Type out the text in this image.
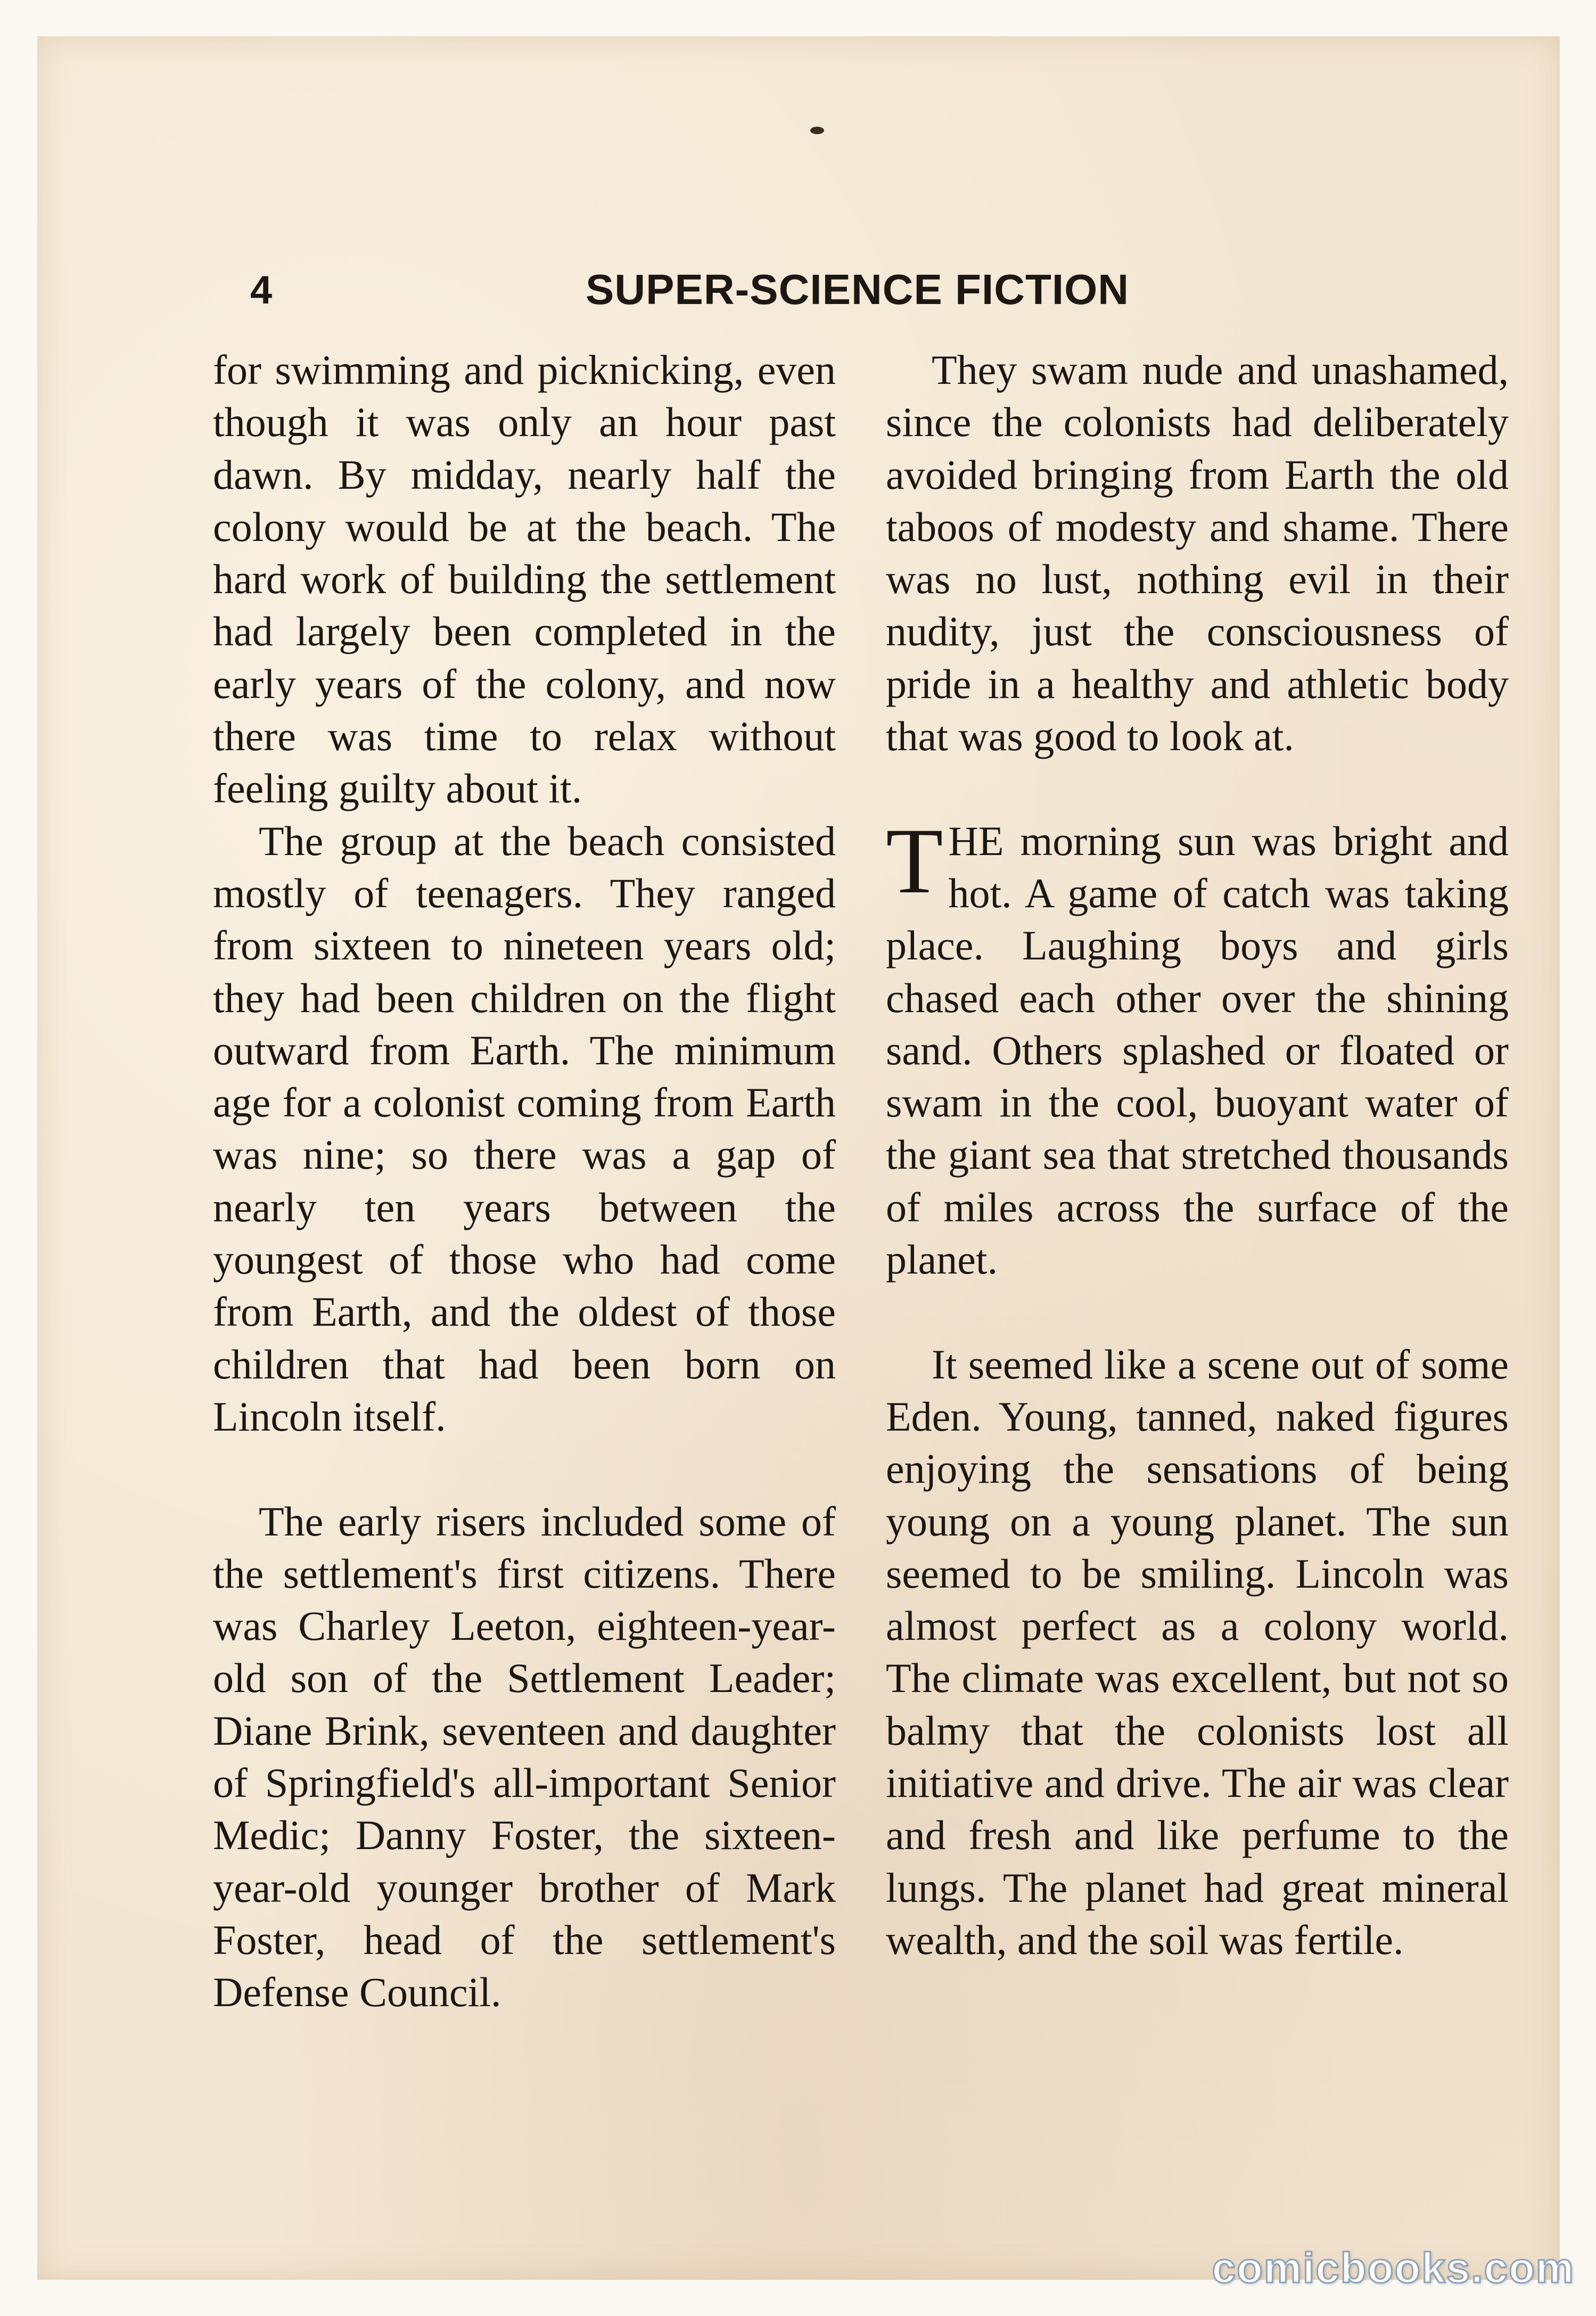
4	SUPER-SCIENCE FICTION

for swimming and picknicking, even though it was only an hour past dawn. By midday, nearly half the colony would be at the beach. The hard work of building the settlement had largely been completed in the early years of the colony, and now there was time to relax without feeling guilty about it.

The group at the beach consisted mostly of teenagers. They ranged from sixteen to nineteen years old; they had been children on the flight outward from Earth. The minimum age for a colonist coming from Earth was nine; so there was a gap of nearly ten years between the youngest of those who had come from Earth, and the oldest of those children that had been born on Lincoln itself.

The early risers included some of the settlement's first citizens. There was Charley Leeton, eighteen-year-old son of the Settlement Leader; Diane Brink, seventeen and daughter of Springfield's all-important Senior Medic; Danny Foster, the sixteen-year-old younger brother of Mark Foster, head of the settlement's Defense Council.

They swam nude and unashamed, since the colonists had deliberately avoided bringing from Earth the old taboos of modesty and shame. There was no lust, nothing evil in their nudity, just the consciousness of pride in a healthy and athletic body that was good to look at.

THE morning sun was bright and hot. A game of catch was taking place. Laughing boys and girls chased each other over the shining sand. Others splashed or floated or swam in the cool, buoyant water of the giant sea that stretched thousands of miles across the surface of the planet.

It seemed like a scene out of some Eden. Young, tanned, naked figures enjoying the sensations of being young on a young planet. The sun seemed to be smiling. Lincoln was almost perfect as a colony world. The climate was excellent, but not so balmy that the colonists lost all initiative and drive. The air was clear and fresh and like perfume to the lungs. The planet had great mineral wealth, and the soil was fertile.

comicbooks.com
